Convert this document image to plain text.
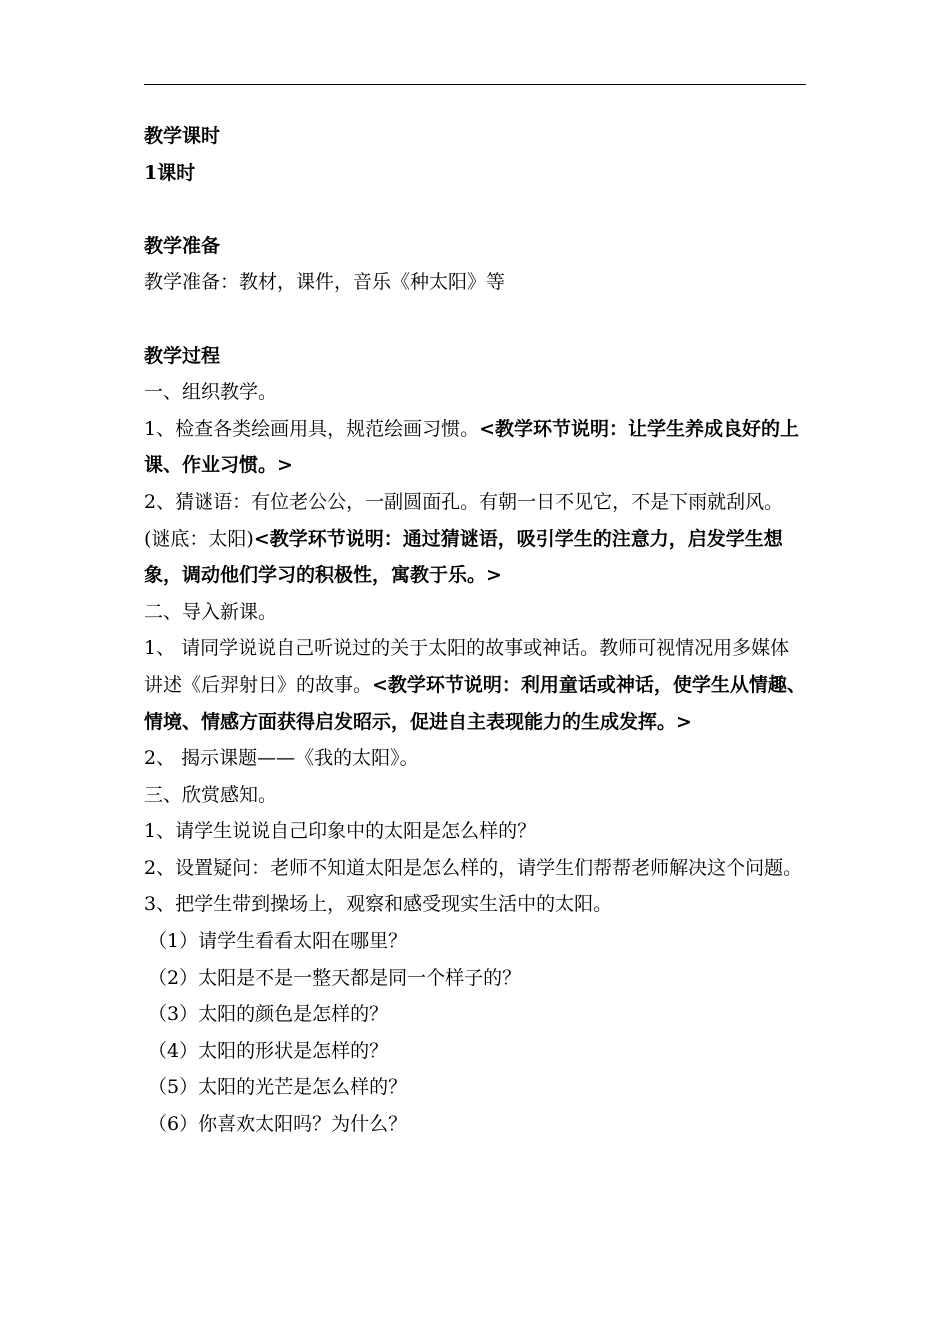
教学课时

1课时

教学准备

教学准备：教材，课件，音乐《种太阳》等

教学过程

一、组织教学。

1、检查各类绘画用具，规范绘画习惯。<教学环节说明：让学生养成良好的上课、作业习惯。>

2、猜谜语：有位老公公，一副圆面孔。有朝一日不见它，不是下雨就刮风。(谜底：太阳)<教学环节说明：通过猜谜语，吸引学生的注意力，启发学生想象，调动他们学习的积极性，寓教于乐。>

二、导入新课。

1、 请同学说说自己听说过的关于太阳的故事或神话。教师可视情况用多媒体讲述《后羿射日》的故事。<教学环节说明：利用童话或神话，使学生从情趣、情境、情感方面获得启发昭示，促进自主表现能力的生成发挥。>

2、 揭示课题——《我的太阳》。

三、欣赏感知。

1、请学生说说自己印象中的太阳是怎么样的？

2、设置疑问：老师不知道太阳是怎么样的，请学生们帮帮老师解决这个问题。

3、把学生带到操场上，观察和感受现实生活中的太阳。

（1）请学生看看太阳在哪里？

（2）太阳是不是一整天都是同一个样子的？

（3）太阳的颜色是怎样的？

（4）太阳的形状是怎样的？

（5）太阳的光芒是怎么样的？

（6）你喜欢太阳吗？为什么？
